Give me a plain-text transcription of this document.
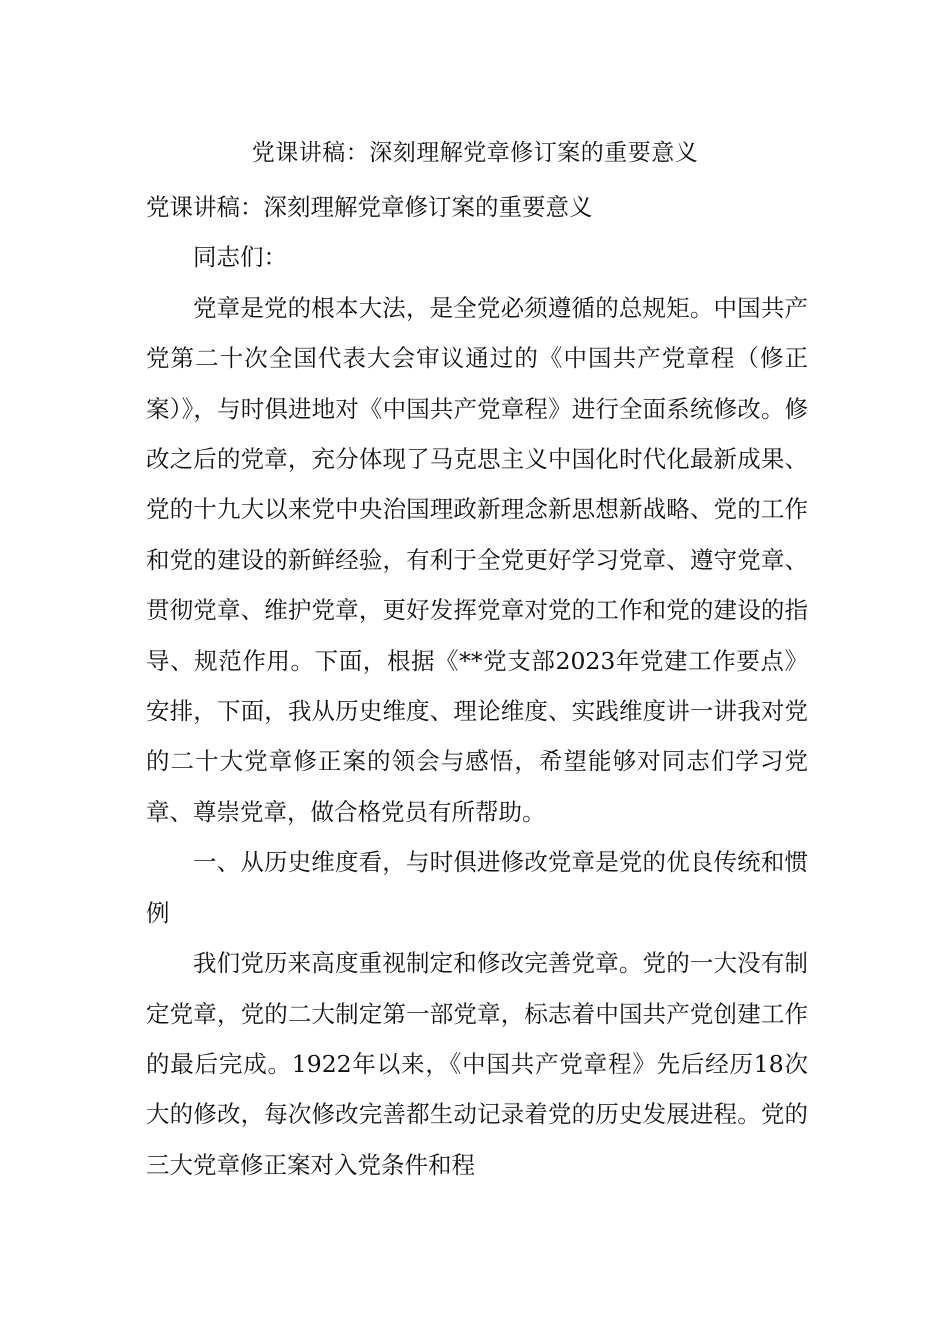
党课讲稿：深刻理解党章修订案的重要意义

党课讲稿：深刻理解党章修订案的重要意义

同志们：

党章是党的根本大法，是全党必须遵循的总规矩。中国共产党第二十次全国代表大会审议通过的《中国共产党章程（修正案）》，与时俱进地对《中国共产党章程》进行全面系统修改。修改之后的党章，充分体现了马克思主义中国化时代化最新成果、党的十九大以来党中央治国理政新理念新思想新战略、党的工作和党的建设的新鲜经验，有利于全党更好学习党章、遵守党章、贯彻党章、维护党章，更好发挥党章对党的工作和党的建设的指导、规范作用。下面，根据《**党支部2023年党建工作要点》安排，下面，我从历史维度、理论维度、实践维度讲一讲我对党的二十大党章修正案的领会与感悟，希望能够对同志们学习党章、尊崇党章，做合格党员有所帮助。

一、从历史维度看，与时俱进修改党章是党的优良传统和惯例

我们党历来高度重视制定和修改完善党章。党的一大没有制定党章，党的二大制定第一部党章，标志着中国共产党创建工作的最后完成。1922年以来，《中国共产党章程》先后经历18次大的修改，每次修改完善都生动记录着党的历史发展进程。党的三大党章修正案对入党条件和程
